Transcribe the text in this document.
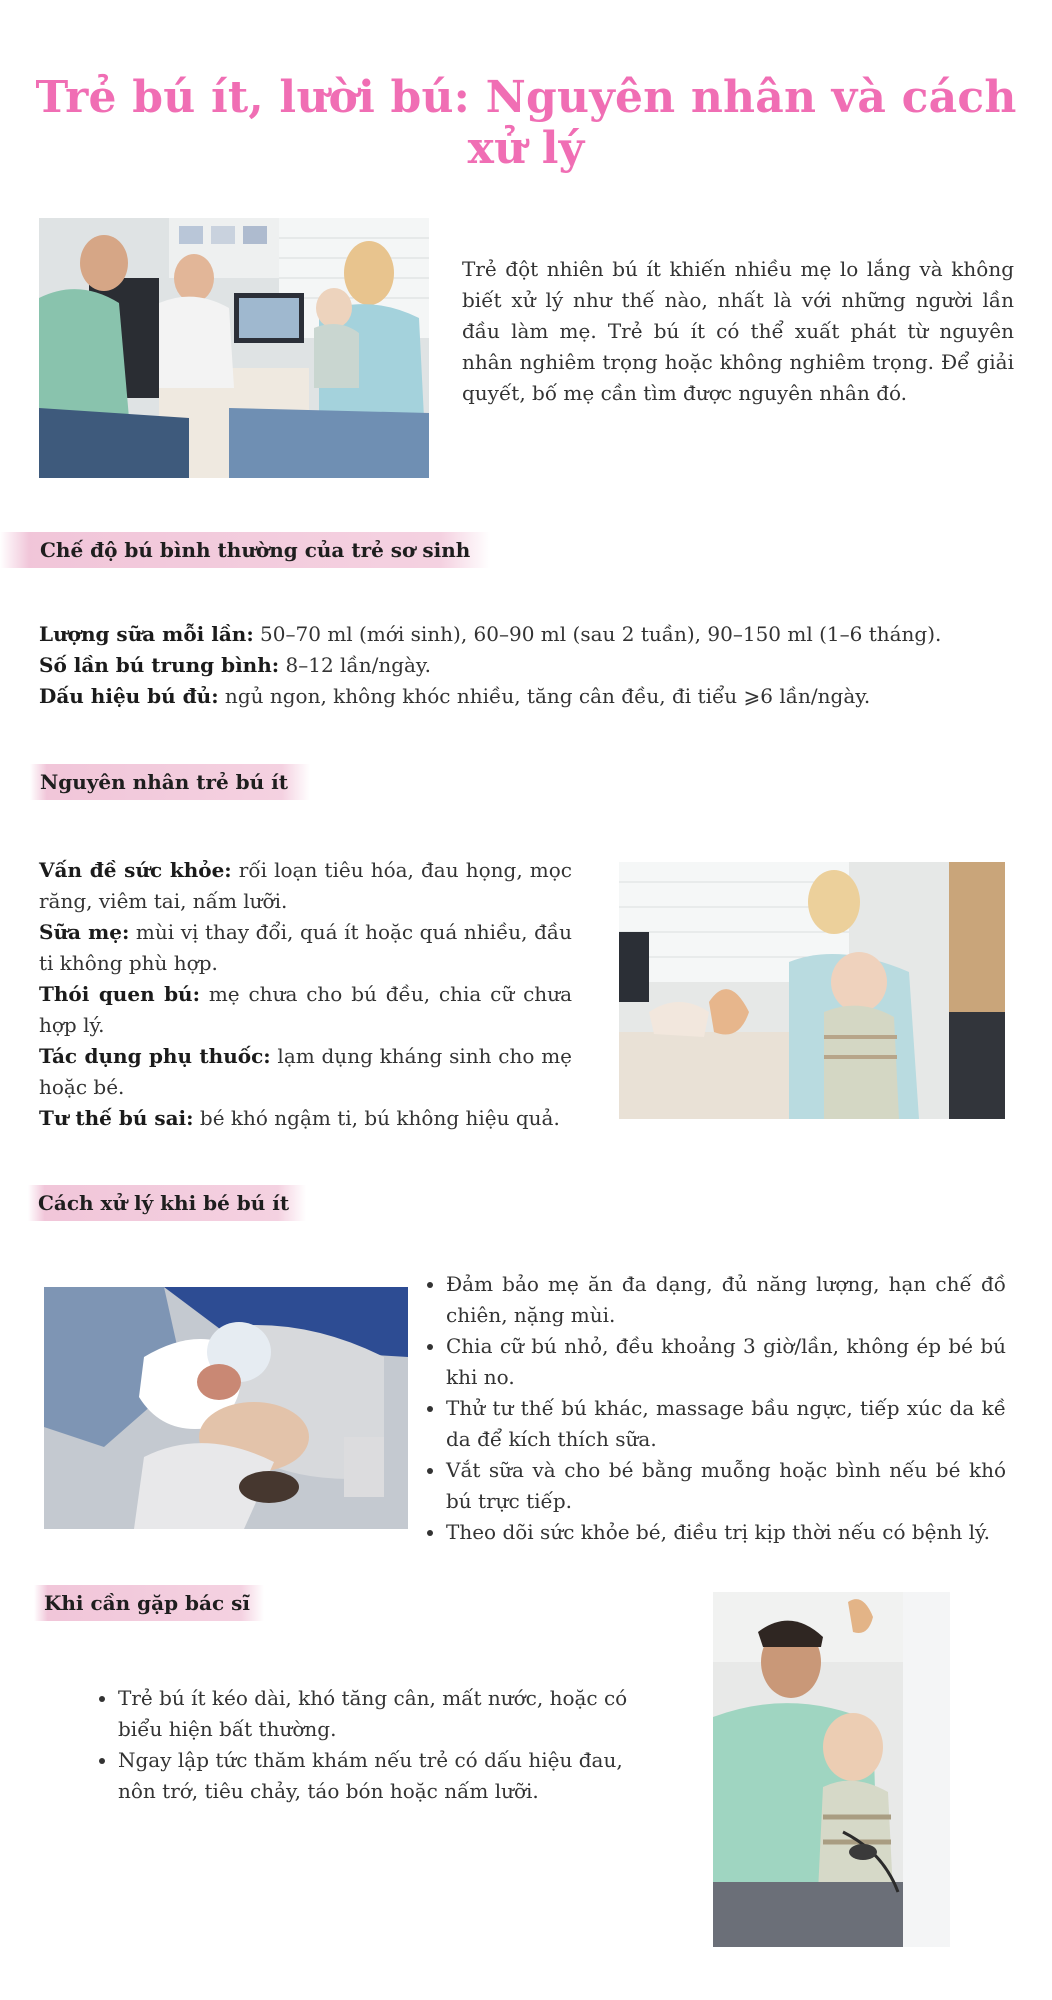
Trẻ bú ít, lười bú: Nguyên nhân và cách xử lý
Trẻ đột nhiên bú ít khiến nhiều mẹ lo lắng và không biết xử lý như thế nào, nhất là với những người lần đầu làm mẹ. Trẻ bú ít có thể xuất phát từ nguyên nhân nghiêm trọng hoặc không nghiêm trọng. Để giải quyết, bố mẹ cần tìm được nguyên nhân đó.
Chế độ bú bình thường của trẻ sơ sinh
Lượng sữa mỗi lần: 50–70 ml (mới sinh), 60–90 ml (sau 2 tuần), 90–150 ml (1–6 tháng).
Số lần bú trung bình: 8–12 lần/ngày.
Dấu hiệu bú đủ: ngủ ngon, không khóc nhiều, tăng cân đều, đi tiểu ⩾6 lần/ngày.
Nguyên nhân trẻ bú ít
Vấn đề sức khỏe: rối loạn tiêu hóa, đau họng, mọc răng, viêm tai, nấm lưỡi.
Sữa mẹ: mùi vị thay đổi, quá ít hoặc quá nhiều, đầu ti không phù hợp.
Thói quen bú: mẹ chưa cho bú đều, chia cữ chưa hợp lý.
Tác dụng phụ thuốc: lạm dụng kháng sinh cho mẹ hoặc bé.
Tư thế bú sai: bé khó ngậm ti, bú không hiệu quả.
Cách xử lý khi bé bú ít
• Đảm bảo mẹ ăn đa dạng, đủ năng lượng, hạn chế đồ chiên, nặng mùi.
• Chia cữ bú nhỏ, đều khoảng 3 giờ/lần, không ép bé bú khi no.
• Thử tư thế bú khác, massage bầu ngực, tiếp xúc da kề da để kích thích sữa.
• Vắt sữa và cho bé bằng muỗng hoặc bình nếu bé khó bú trực tiếp.
• Theo dõi sức khỏe bé, điều trị kịp thời nếu có bệnh lý.
Khi cần gặp bác sĩ
• Trẻ bú ít kéo dài, khó tăng cân, mất nước, hoặc có biểu hiện bất thường.
• Ngay lập tức thăm khám nếu trẻ có dấu hiệu đau, nôn trớ, tiêu chảy, táo bón hoặc nấm lưỡi.
